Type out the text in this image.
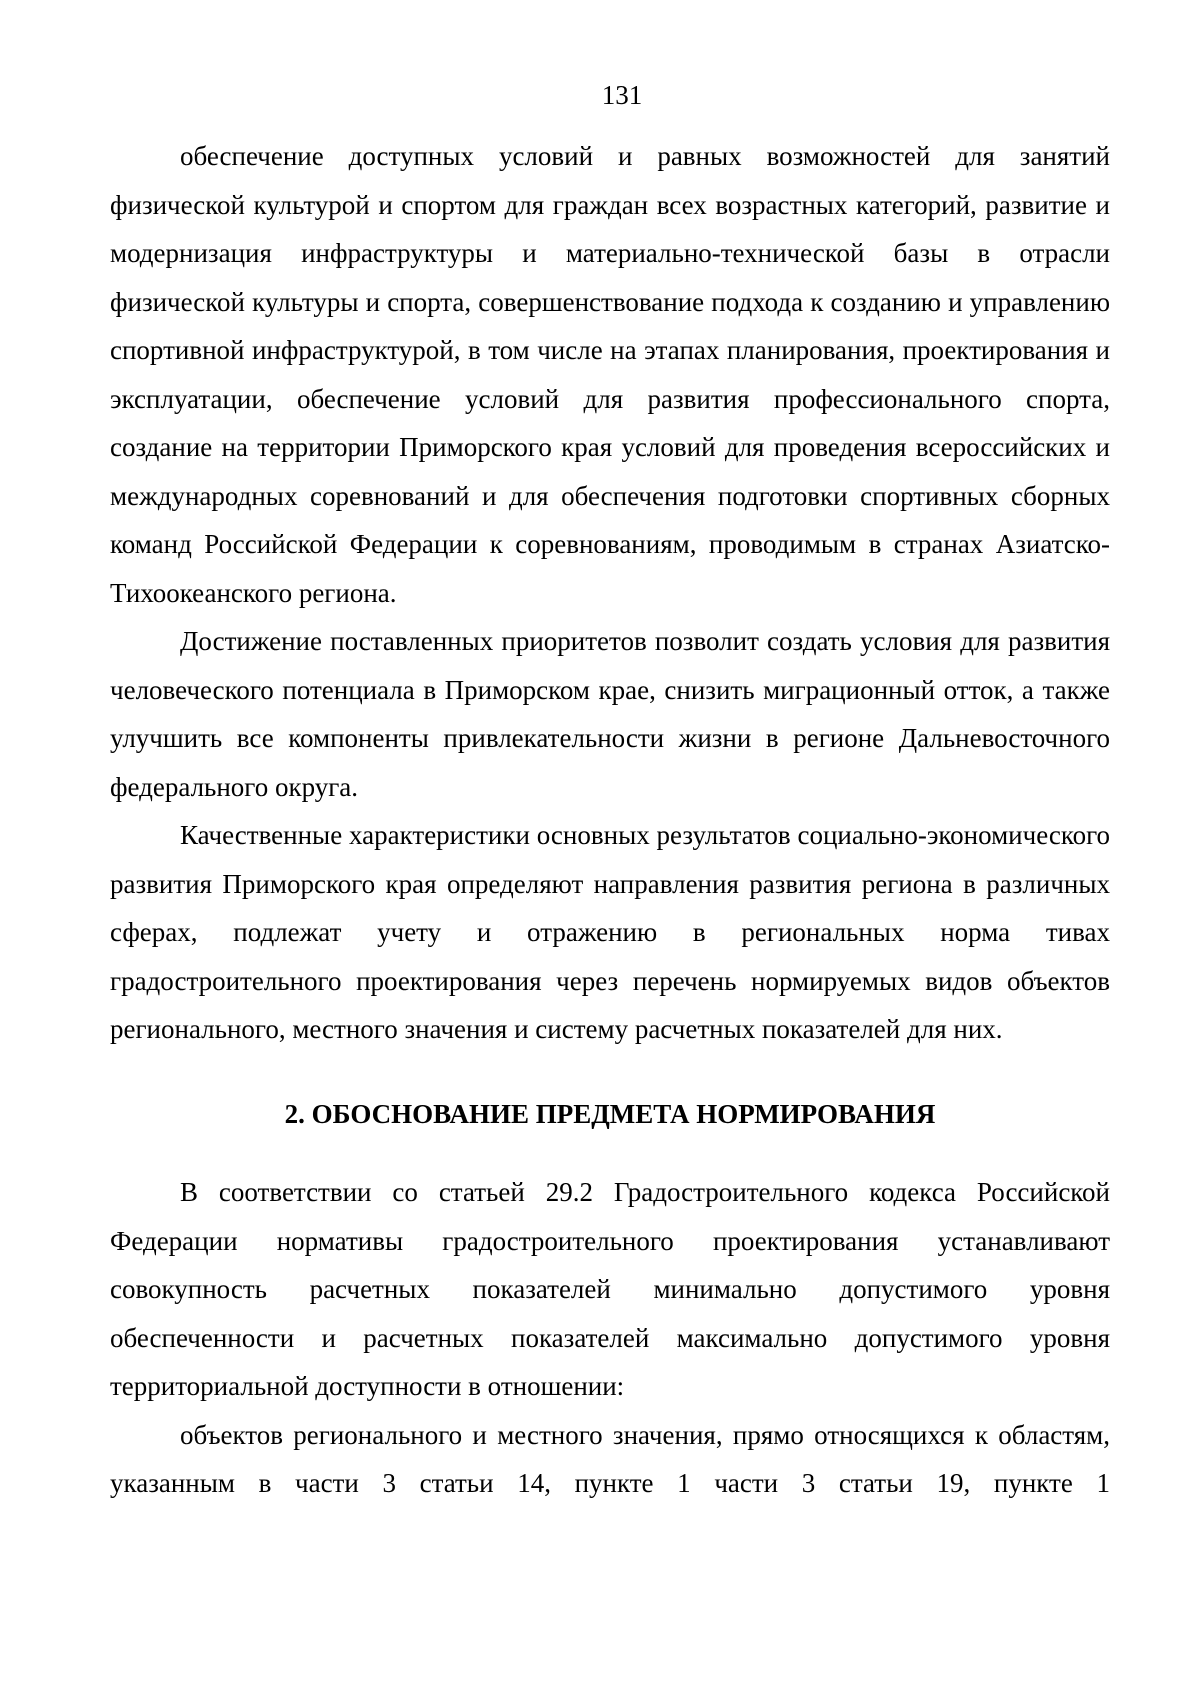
131

обеспечение доступных условий и равных возможностей для занятий физической культурой и спортом для граждан всех возрастных категорий, развитие и модернизация инфраструктуры и материально-технической базы в отрасли физической культуры и спорта, совершенствование подхода к созданию и управлению спортивной инфраструктурой, в том числе на этапах планирования, проектирования и эксплуатации, обеспечение условий для развития профессионального спорта, создание на территории Приморского края условий для проведения всероссийских и международных соревнований и для обеспечения подготовки спортивных сборных команд Российской Федерации к соревнованиям, проводимым в странах Азиатско-Тихоокеанского региона.

Достижение поставленных приоритетов позволит создать условия для развития человеческого потенциала в Приморском крае, снизить миграционный отток, а также улучшить все компоненты привлекательности жизни в регионе Дальневосточного федерального округа.

Качественные характеристики основных результатов социально-экономического развития Приморского края определяют направления развития региона в различных сферах, подлежат учету и отражению в региональных норма тивах градостроительного проектирования через перечень нормируемых видов объектов регионального, местного значения и систему расчетных показателей для них.

2. ОБОСНОВАНИЕ ПРЕДМЕТА НОРМИРОВАНИЯ

В соответствии со статьей 29.2 Градостроительного кодекса Российской Федерации нормативы градостроительного проектирования устанавливают совокупность расчетных показателей минимально допустимого уровня обеспеченности и расчетных показателей максимально допустимого уровня территориальной доступности в отношении:

объектов регионального и местного значения, прямо относящихся к областям, указанным в части 3 статьи 14, пункте 1 части 3 статьи 19, пункте 1
